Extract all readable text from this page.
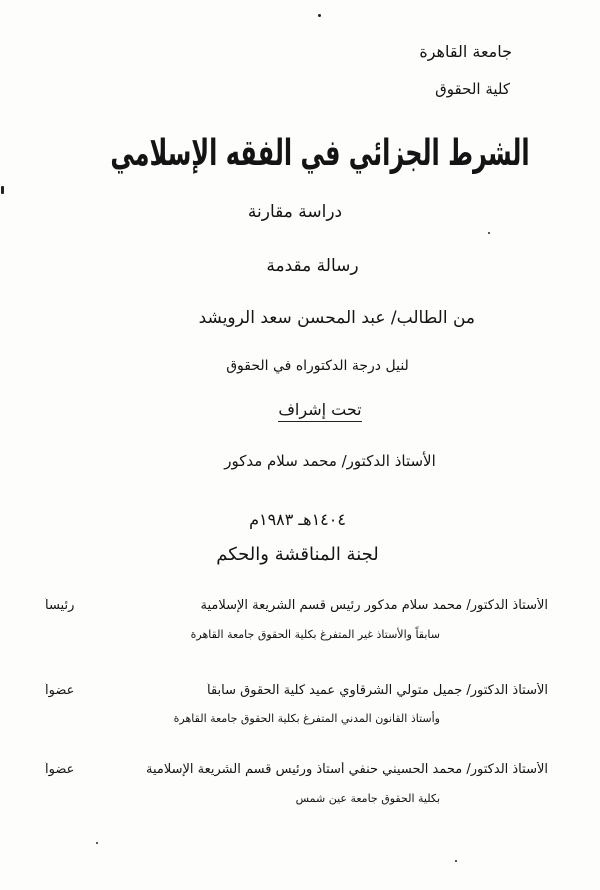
جامعة القاهرة
كلية الحقوق
الشرط الجزائي في الفقه الإسلامي
دراسة مقارنة
رسالة مقدمة
من الطالب/ عبد المحسن سعد الرويشد
لنيل درجة الدكتوراه في الحقوق
تحت إشراف
الأستاذ الدكتور/ محمد سلام مدكور
١٤٠٤هـ ١٩٨٣م
لجنة المناقشة والحكم
الأستاذ الدكتور/ محمد سلام مدكور رئيس قسم الشريعة الإسلامية
رئيساً
سابقاً والأستاذ غير المتفرغ بكلية الحقوق جامعة القاهرة
الأستاذ الدكتور/ جميل متولي الشرقاوي عميد كلية الحقوق سابقاً
عضواً
وأستاذ القانون المدني المتفرغ بكلية الحقوق جامعة القاهرة
الأستاذ الدكتور/ محمد الحسيني حنفي أستاذ ورئيس قسم الشريعة الإسلامية
عضواً
بكلية الحقوق جامعة عين شمس
